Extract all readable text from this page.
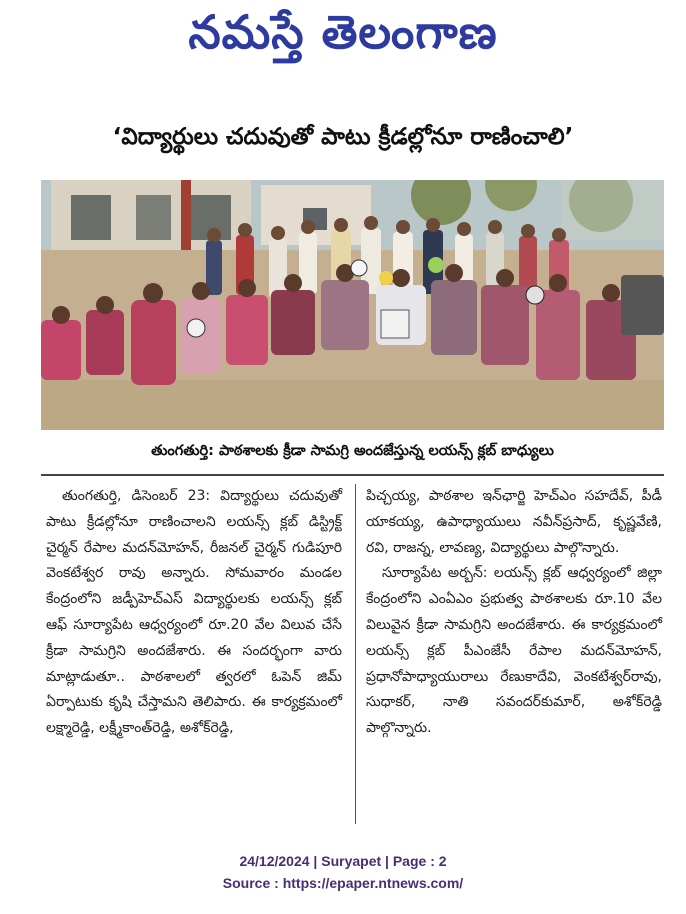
నమస్తే తెలంగాణ
‘విద్యార్థులు చదువుతో పాటు క్రీడల్లోనూ రాణించాలి’
తుంగతుర్తి: పాఠశాలకు క్రీడా సామగ్రి అందజేస్తున్న లయన్స్ క్లబ్ బాధ్యులు

తుంగతుర్తి, డిసెంబర్ 23: విద్యార్థులు చదువుతో పాటు క్రీడల్లోనూ రాణించాలని లయన్స్ క్లబ్ డిస్ట్రిక్ట్ చైర్మన్ రేపాల మదన్‌మోహన్, రీజనల్ చైర్మన్ గుడిపూరి వెంకటేశ్వర రావు అన్నారు. సోమవారం మండల కేంద్రంలోని జడ్పీహెచ్‌ఎస్ విద్యార్థులకు లయన్స్ క్లబ్ ఆఫ్ సూర్యాపేట ఆధ్వర్యంలో రూ.20 వేల విలువ చేసే క్రీడా సామగ్రిని అందజేశారు. ఈ సందర్భంగా వారు మాట్లాడుతూ.. పాఠశాలలో త్వరలో ఓపెన్ జిమ్ ఏర్పాటుకు కృషి చేస్తామని తెలిపారు. ఈ కార్యక్రమంలో లక్ష్మారెడ్డి, లక్ష్మీకాంత్‌రెడ్డి, అశోక్‌రెడ్డి,

పిచ్చయ్య, పాఠశాల ఇన్‌ఛార్జి హెచ్‌ఎం సహదేవ్, పీడీ యాకయ్య, ఉపాధ్యాయులు నవీన్‌ప్రసాద్, కృష్ణవేణి, రవి, రాజన్న, లావణ్య, విద్యార్థులు పాల్గొన్నారు.

సూర్యాపేట అర్బన్: లయన్స్ క్లబ్ ఆధ్వర్యంలో జిల్లా కేంద్రంలోని ఎంఏఎం ప్రభుత్వ పాఠశాలకు రూ.10 వేల విలువైన క్రీడా సామగ్రిని అందజేశారు. ఈ కార్యక్రమంలో లయన్స్ క్లబ్ పీఎంజేసీ రేపాల మదన్‌మోహన్, ప్రధానోపాధ్యాయురాలు రేణుకాదేవి, వెంకటేశ్వర్‌రావు, సుధాకర్, నాతి సవందర్‌కుమార్, అశోక్‌రెడ్డి పాల్గొన్నారు.

24/12/2024 | Suryapet | Page : 2
Source : https://epaper.ntnews.com/
